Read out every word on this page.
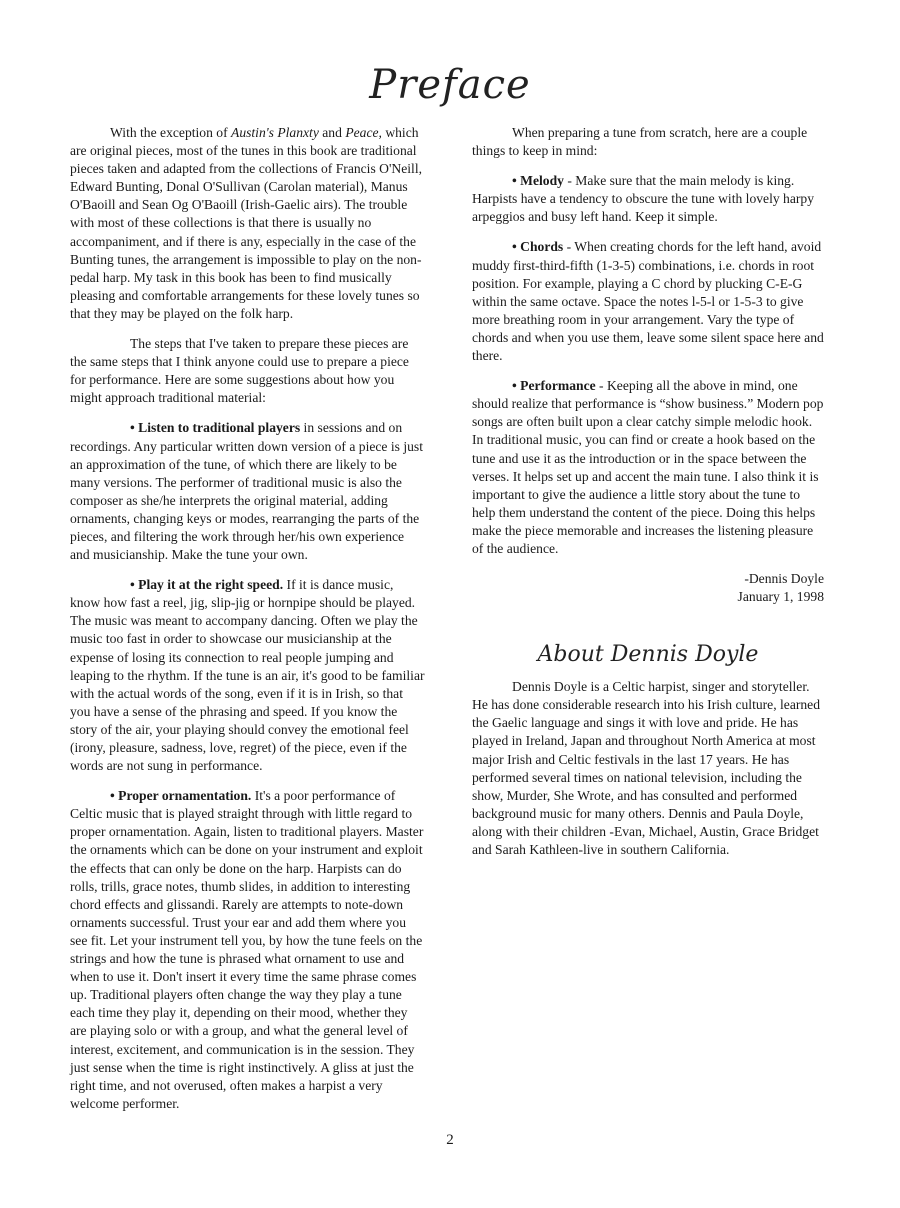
Preface

With the exception of Austin's Planxty and Peace, which are original pieces, most of the tunes in this book are traditional pieces taken and adapted from the collections of Francis O'Neill, Edward Bunting, Donal O'Sullivan (Carolan material), Manus O'Baoill and Sean Og O'Baoill (Irish-Gaelic airs). The trouble with most of these collections is that there is usually no accompaniment, and if there is any, especially in the case of the Bunting tunes, the arrangement is impossible to play on the non-pedal harp. My task in this book has been to find musically pleasing and comfortable arrangements for these lovely tunes so that they may be played on the folk harp.

The steps that I've taken to prepare these pieces are the same steps that I think anyone could use to prepare a piece for performance. Here are some suggestions about how you might approach traditional material:

• Listen to traditional players in sessions and on recordings. Any particular written down version of a piece is just an approximation of the tune, of which there are likely to be many versions. The performer of traditional music is also the composer as she/he interprets the original material, adding ornaments, changing keys or modes, rearranging the parts of the pieces, and filtering the work through her/his own experience and musicianship. Make the tune your own.

• Play it at the right speed. If it is dance music, know how fast a reel, jig, slip-jig or hornpipe should be played. The music was meant to accompany dancing. Often we play the music too fast in order to showcase our musicianship at the expense of losing its connection to real people jumping and leaping to the rhythm. If the tune is an air, it's good to be familiar with the actual words of the song, even if it is in Irish, so that you have a sense of the phrasing and speed. If you know the story of the air, your playing should convey the emotional feel (irony, pleasure, sadness, love, regret) of the piece, even if the words are not sung in performance.

• Proper ornamentation. It's a poor performance of Celtic music that is played straight through with little regard to proper ornamentation. Again, listen to traditional players. Master the ornaments which can be done on your instrument and exploit the effects that can only be done on the harp. Harpists can do rolls, trills, grace notes, thumb slides, in addition to interesting chord effects and glissandi. Rarely are attempts to note-down ornaments successful. Trust your ear and add them where you see fit. Let your instrument tell you, by how the tune feels on the strings and how the tune is phrased what ornament to use and when to use it. Don't insert it every time the same phrase comes up. Traditional players often change the way they play a tune each time they play it, depending on their mood, whether they are playing solo or with a group, and what the general level of interest, excitement, and communication is in the session. They just sense when the time is right instinctively. A gliss at just the right time, and not overused, often makes a harpist a very welcome performer.

When preparing a tune from scratch, here are a couple things to keep in mind:

• Melody - Make sure that the main melody is king. Harpists have a tendency to obscure the tune with lovely harpy arpeggios and busy left hand. Keep it simple.

• Chords - When creating chords for the left hand, avoid muddy first-third-fifth (1-3-5) combinations, i.e. chords in root position. For example, playing a C chord by plucking C-E-G within the same octave. Space the notes l-5-l or 1-5-3 to give more breathing room in your arrangement. Vary the type of chords and when you use them, leave some silent space here and there.

• Performance - Keeping all the above in mind, one should realize that performance is “show business.” Modern pop songs are often built upon a clear catchy simple melodic hook. In traditional music, you can find or create a hook based on the tune and use it as the introduction or in the space between the verses. It helps set up and accent the main tune. I also think it is important to give the audience a little story about the tune to help them understand the content of the piece. Doing this helps make the piece memorable and increases the listening pleasure of the audience.

-Dennis Doyle
January 1, 1998
About Dennis Doyle

Dennis Doyle is a Celtic harpist, singer and storyteller. He has done considerable research into his Irish culture, learned the Gaelic language and sings it with love and pride. He has played in Ireland, Japan and throughout North America at most major Irish and Celtic festivals in the last 17 years. He has performed several times on national television, including the show, Murder, She Wrote, and has consulted and performed background music for many others. Dennis and Paula Doyle, along with their children -Evan, Michael, Austin, Grace Bridget and Sarah Kathleen-live in southern California.

2
